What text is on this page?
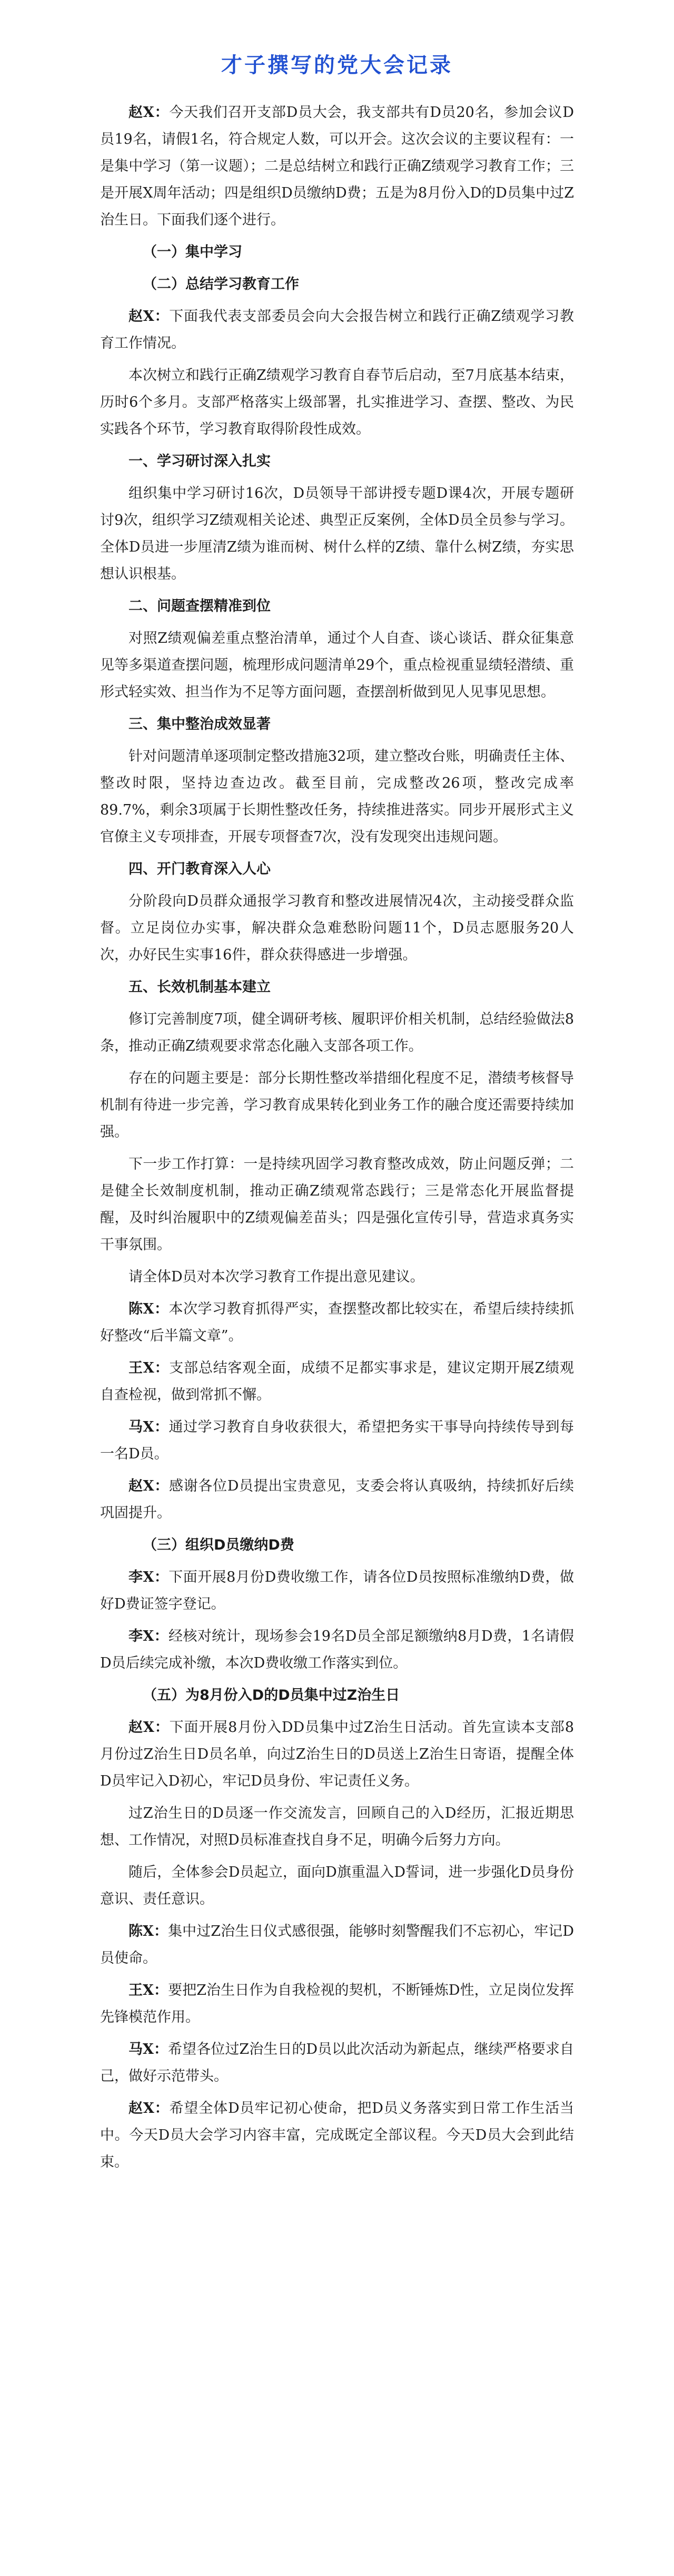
才子撰写的党大会记录

赵X：今天我们召开支部D员大会，我支部共有D员20名，参加会议D员19名，请假1名，符合规定人数，可以开会。这次会议的主要议程有：一是集中学习（第一议题）；二是总结树立和践行正确Z绩观学习教育工作；三是开展X周年活动；四是组织D员缴纳D费；五是为8月份入D的D员集中过Z治生日。下面我们逐个进行。

（一）集中学习
（二）总结学习教育工作

赵X：下面我代表支部委员会向大会报告树立和践行正确Z绩观学习教育工作情况。

本次树立和践行正确Z绩观学习教育自春节后启动，至7月底基本结束，历时6个多月。支部严格落实上级部署，扎实推进学习、查摆、整改、为民实践各个环节，学习教育取得阶段性成效。

一、学习研讨深入扎实

组织集中学习研讨16次，D员领导干部讲授专题D课4次，开展专题研讨9次，组织学习Z绩观相关论述、典型正反案例，全体D员全员参与学习。全体D员进一步厘清Z绩为谁而树、树什么样的Z绩、靠什么树Z绩，夯实思想认识根基。

二、问题查摆精准到位

对照Z绩观偏差重点整治清单，通过个人自查、谈心谈话、群众征集意见等多渠道查摆问题，梳理形成问题清单29个，重点检视重显绩轻潜绩、重形式轻实效、担当作为不足等方面问题，查摆剖析做到见人见事见思想。

三、集中整治成效显著

针对问题清单逐项制定整改措施32项，建立整改台账，明确责任主体、整改时限，坚持边查边改。截至目前，完成整改26项，整改完成率89.7%，剩余3项属于长期性整改任务，持续推进落实。同步开展形式主义官僚主义专项排查，开展专项督查7次，没有发现突出违规问题。

四、开门教育深入人心

分阶段向D员群众通报学习教育和整改进展情况4次，主动接受群众监督。立足岗位办实事，解决群众急难愁盼问题11个，D员志愿服务20人次，办好民生实事16件，群众获得感进一步增强。

五、长效机制基本建立

修订完善制度7项，健全调研考核、履职评价相关机制，总结经验做法8条，推动正确Z绩观要求常态化融入支部各项工作。

存在的问题主要是：部分长期性整改举措细化程度不足，潜绩考核督导机制有待进一步完善，学习教育成果转化到业务工作的融合度还需要持续加强。

下一步工作打算：一是持续巩固学习教育整改成效，防止问题反弹；二是健全长效制度机制，推动正确Z绩观常态践行；三是常态化开展监督提醒，及时纠治履职中的Z绩观偏差苗头；四是强化宣传引导，营造求真务实干事氛围。

请全体D员对本次学习教育工作提出意见建议。

陈X：本次学习教育抓得严实，查摆整改都比较实在，希望后续持续抓好整改“后半篇文章”。

王X：支部总结客观全面，成绩不足都实事求是，建议定期开展Z绩观自查检视，做到常抓不懈。

马X：通过学习教育自身收获很大，希望把务实干事导向持续传导到每一名D员。

赵X：感谢各位D员提出宝贵意见，支委会将认真吸纳，持续抓好后续巩固提升。

（三）组织D员缴纳D费

李X：下面开展8月份D费收缴工作，请各位D员按照标准缴纳D费，做好D费证签字登记。

李X：经核对统计，现场参会19名D员全部足额缴纳8月D费，1名请假D员后续完成补缴，本次D费收缴工作落实到位。

（五）为8月份入D的D员集中过Z治生日

赵X：下面开展8月份入DD员集中过Z治生日活动。首先宣读本支部8月份过Z治生日D员名单，向过Z治生日的D员送上Z治生日寄语，提醒全体D员牢记入D初心，牢记D员身份、牢记责任义务。

过Z治生日的D员逐一作交流发言，回顾自己的入D经历，汇报近期思想、工作情况，对照D员标准查找自身不足，明确今后努力方向。

随后，全体参会D员起立，面向D旗重温入D誓词，进一步强化D员身份意识、责任意识。

陈X：集中过Z治生日仪式感很强，能够时刻警醒我们不忘初心，牢记D员使命。

王X：要把Z治生日作为自我检视的契机，不断锤炼D性，立足岗位发挥先锋模范作用。

马X：希望各位过Z治生日的D员以此次活动为新起点，继续严格要求自己，做好示范带头。

赵X：希望全体D员牢记初心使命，把D员义务落实到日常工作生活当中。今天D员大会学习内容丰富，完成既定全部议程。今天D员大会到此结束。
